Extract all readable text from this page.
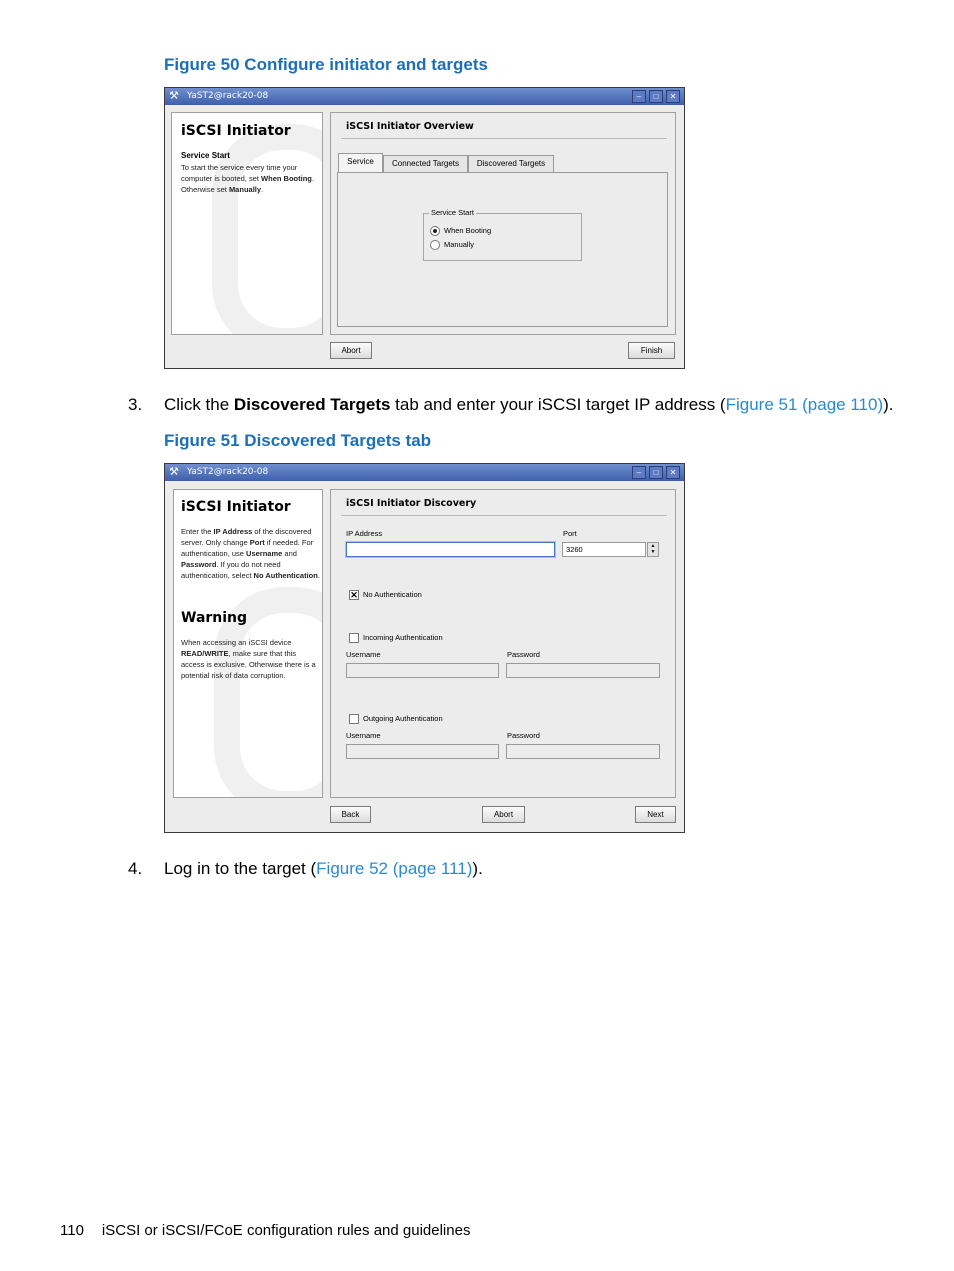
Figure 50 Configure initiator and targets
⚒ YaST2@rack20-08	–	□	✕
iSCSI Initiator
Service Start
To start the service every time your computer is booted, set When Booting. Otherwise set Manually.
iSCSI Initiator Overview
Service	Connected Targets	Discovered Targets
Service Start
When Booting
Manually
Abort	Finish
3. Click the Discovered Targets tab and enter your iSCSI target IP address (Figure 51 (page 110)).
Figure 51 Discovered Targets tab
⚒ YaST2@rack20-08	–	□	✕
iSCSI Initiator
Enter the IP Address of the discovered server. Only change Port if needed. For authentication, use Username and Password. If you do not need authentication, select No Authentication.
Warning
When accessing an iSCSI device READ/WRITE, make sure that this access is exclusive. Otherwise there is a potential risk of data corruption.
iSCSI Initiator Discovery
IP Address	Port
3260	▲
▼
✕ No Authentication
Incoming Authentication
Username	Password
Outgoing Authentication
Username	Password
Back	Abort	Next
4. Log in to the target (Figure 52 (page 111)).
110 iSCSI or iSCSI/FCoE configuration rules and guidelines
